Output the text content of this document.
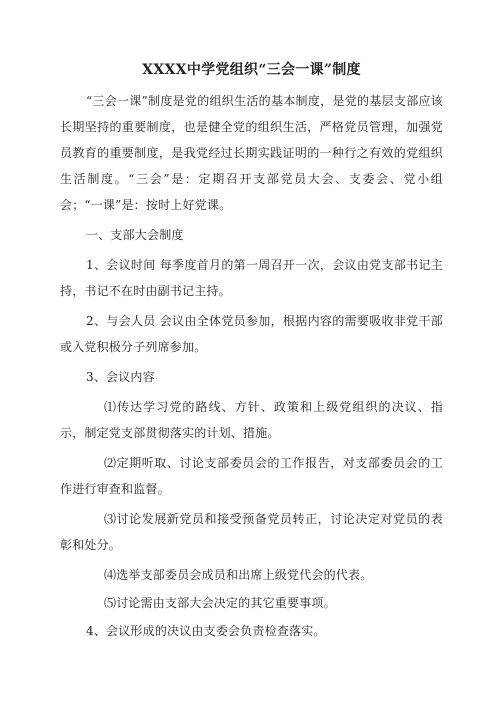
XXXX中学党组织“三会一课”制度

“三会一课”制度是党的组织生活的基本制度，是党的基层支部应该长期坚持的重要制度，也是健全党的组织生活，严格党员管理，加强党员教育的重要制度，是我党经过长期实践证明的一种行之有效的党组织生活制度。“三会”是：定期召开支部党员大会、支委会、党小组会；“一课”是：按时上好党课。

一、支部大会制度

1、会议时间 每季度首月的第一周召开一次，会议由党支部书记主持，书记不在时由副书记主持。

2、与会人员 会议由全体党员参加，根据内容的需要吸收非党干部或入党积极分子列席参加。

3、会议内容

⑴传达学习党的路线、方针、政策和上级党组织的决议、指示，制定党支部贯彻落实的计划、措施。

⑵定期听取、讨论支部委员会的工作报告，对支部委员会的工作进行审查和监督。

⑶讨论发展新党员和接受预备党员转正，讨论决定对党员的表彰和处分。

⑷选举支部委员会成员和出席上级党代会的代表。

⑸讨论需由支部大会决定的其它重要事项。

4、会议形成的决议由支委会负责检查落实。
